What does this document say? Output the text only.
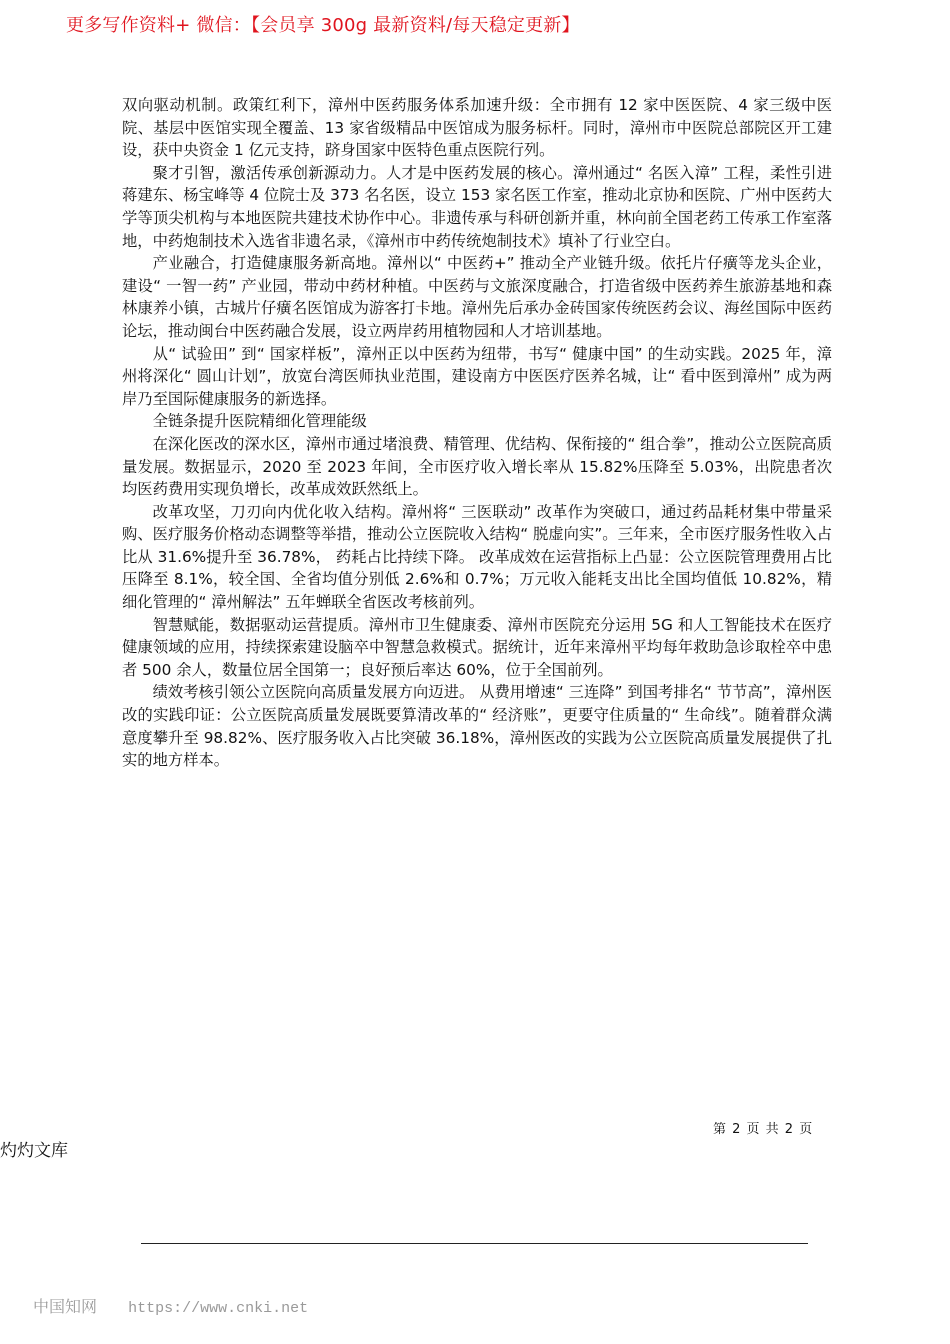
更多写作资料+ 微信：【会员享 300g 最新资料/每天稳定更新】

双向驱动机制。政策红利下，漳州中医药服务体系加速升级：全市拥有 12 家中医医院、4 家三级中医院、基层中医馆实现全覆盖、13 家省级精品中医馆成为服务标杆。同时，漳州市中医院总部院区开工建设，获中央资金 1 亿元支持，跻身国家中医特色重点医院行列。

聚才引智，激活传承创新源动力。人才是中医药发展的核心。漳州通过“ 名医入漳” 工程，柔性引进蒋建东、杨宝峰等 4 位院士及 373 名名医，设立 153 家名医工作室，推动北京协和医院、广州中医药大学等顶尖机构与本地医院共建技术协作中心。非遗传承与科研创新并重，林向前全国老药工传承工作室落地，中药炮制技术入选省非遗名录，《漳州市中药传统炮制技术》填补了行业空白。

产业融合，打造健康服务新高地。漳州以“ 中医药+” 推动全产业链升级。依托片仔癀等龙头企业，建设“ 一智一药” 产业园，带动中药材种植。中医药与文旅深度融合，打造省级中医药养生旅游基地和森林康养小镇，古城片仔癀名医馆成为游客打卡地。漳州先后承办金砖国家传统医药会议、海丝国际中医药论坛，推动闽台中医药融合发展，设立两岸药用植物园和人才培训基地。

从“ 试验田” 到“ 国家样板”，漳州正以中医药为纽带，书写“ 健康中国” 的生动实践。2025 年，漳州将深化“ 圆山计划”，放宽台湾医师执业范围，建设南方中医医疗医养名城，让“ 看中医到漳州” 成为两岸乃至国际健康服务的新选择。

全链条提升医院精细化管理能级

在深化医改的深水区，漳州市通过堵浪费、精管理、优结构、保衔接的“ 组合拳”，推动公立医院高质量发展。数据显示，2020 至 2023 年间，全市医疗收入增长率从 15.82%压降至 5.03%，出院患者次均医药费用实现负增长，改革成效跃然纸上。

改革攻坚，刀刃向内优化收入结构。漳州将“ 三医联动” 改革作为突破口，通过药品耗材集中带量采购、医疗服务价格动态调整等举措，推动公立医院收入结构“ 脱虚向实”。三年来，全市医疗服务性收入占比从 31.6%提升至 36.78%， 药耗占比持续下降。 改革成效在运营指标上凸显：公立医院管理费用占比压降至 8.1%，较全国、全省均值分别低 2.6%和 0.7%；万元收入能耗支出比全国均值低 10.82%，精细化管理的“ 漳州解法” 五年蝉联全省医改考核前列。

智慧赋能，数据驱动运营提质。漳州市卫生健康委、漳州市医院充分运用 5G 和人工智能技术在医疗健康领域的应用，持续探索建设脑卒中智慧急救模式。据统计，近年来漳州平均每年救助急诊取栓卒中患者 500 余人，数量位居全国第一；良好预后率达 60%，位于全国前列。

绩效考核引领公立医院向高质量发展方向迈进。 从费用增速“ 三连降” 到国考排名“ 节节高”，漳州医改的实践印证：公立医院高质量发展既要算清改革的“ 经济账”，更要守住质量的“ 生命线”。随着群众满意度攀升至 98.82%、医疗服务收入占比突破 36.18%，漳州医改的实践为公立医院高质量发展提供了扎实的地方样本。

第 2 页 共 2 页
灼灼文库
中国知网 https://www.cnki.net
